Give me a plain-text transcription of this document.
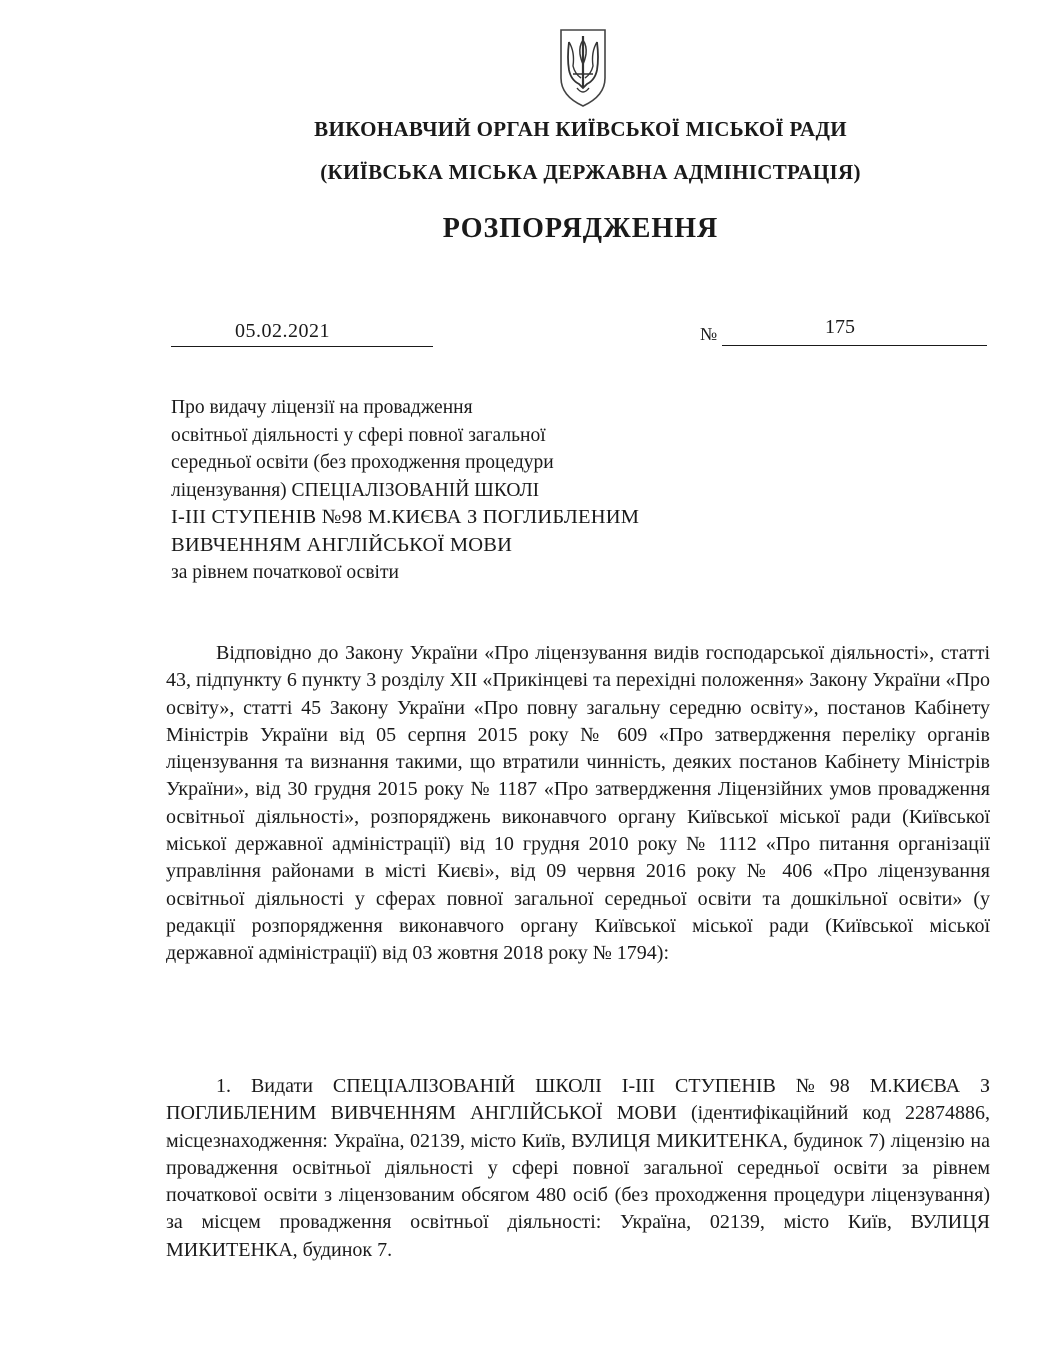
ВИКОНАВЧИЙ ОРГАН КИЇВСЬКОЇ МІСЬКОЇ РАДИ
(КИЇВСЬКА МІСЬКА ДЕРЖАВНА АДМІНІСТРАЦІЯ)
РОЗПОРЯДЖЕННЯ
05.02.2021	№	175
Про видачу ліцензії на провадження
освітньої діяльності у сфері повної загальної
середньої освіти (без проходження процедури
ліцензування) СПЕЦІАЛІЗОВАНІЙ ШКОЛІ
І-ІІІ СТУПЕНІВ №98 М.КИЄВА З ПОГЛИБЛЕНИМ
ВИВЧЕННЯМ АНГЛІЙСЬКОЇ МОВИ
за рівнем початкової освіти
Відповідно до Закону України «Про ліцензування видів господарської діяльності», статті 43, підпункту 6 пункту 3 розділу XII «Прикінцеві та перехідні положення» Закону України «Про освіту», статті 45 Закону України «Про повну загальну середню освіту», постанов Кабінету Міністрів України від 05 серпня 2015 року № 609 «Про затвердження переліку органів ліцензування та визнання такими, що втратили чинність, деяких постанов Кабінету Міністрів України», від 30 грудня 2015 року № 1187 «Про затвердження Ліцензійних умов провадження освітньої діяльності», розпоряджень виконавчого органу Київської міської ради (Київської міської державної адміністрації) від 10 грудня 2010 року № 1112 «Про питання організації управління районами в місті Києві», від 09 червня 2016 року № 406 «Про ліцензування освітньої діяльності у сферах повної загальної середньої освіти та дошкільної освіти» (у редакції розпорядження виконавчого органу Київської міської ради (Київської міської державної адміністрації) від 03 жовтня 2018 року № 1794):
1. Видати СПЕЦІАЛІЗОВАНІЙ ШКОЛІ І-ІІІ СТУПЕНІВ №98 М.КИЄВА З ПОГЛИБЛЕНИМ ВИВЧЕННЯМ АНГЛІЙСЬКОЇ МОВИ (ідентифікаційний код 22874886, місцезнаходження: Україна, 02139, місто Київ, ВУЛИЦЯ МИКИТЕНКА, будинок 7) ліцензію на провадження освітньої діяльності у сфері повної загальної середньої освіти за рівнем початкової освіти з ліцензованим обсягом 480 осіб (без проходження процедури ліцензування) за місцем провадження освітньої діяльності: Україна, 02139, місто Київ, ВУЛИЦЯ МИКИТЕНКА, будинок 7.
